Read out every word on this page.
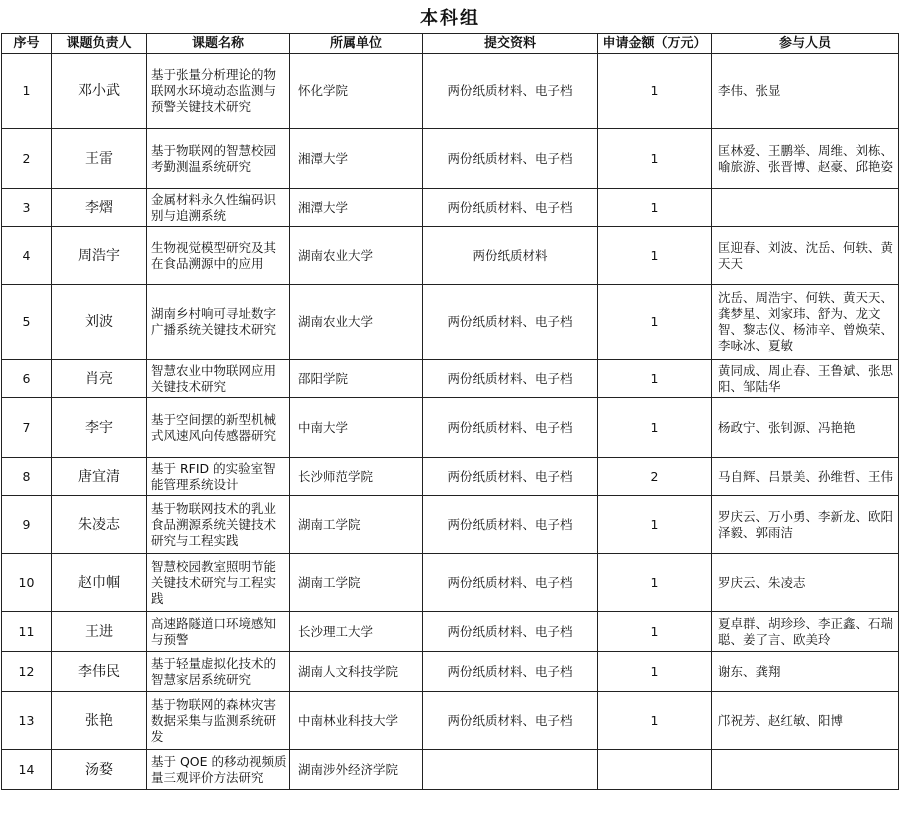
本科组
序号	课题负责人	课题名称	所属单位	提交资料	申请金额（万元）	参与人员
1	邓小武	基于张量分析理论的物联网水环境动态监测与预警关键技术研究	怀化学院	两份纸质材料、电子档	1	李伟、张显
2	王雷	基于物联网的智慧校园考勤测温系统研究	湘潭大学	两份纸质材料、电子档	1	匡林爱、王鹏举、周维、刘栋、喻旅游、张晋博、赵豪、邱艳姿
3	李熠	金属材料永久性编码识别与追溯系统	湘潭大学	两份纸质材料、电子档	1	
4	周浩宇	生物视觉模型研究及其在食品溯源中的应用	湖南农业大学	两份纸质材料	1	匡迎春、刘波、沈岳、何轶、黄天天
5	刘波	湖南乡村响可寻址数字广播系统关键技术研究	湖南农业大学	两份纸质材料、电子档	1	沈岳、周浩宇、何轶、黄天天、龚梦星、刘家玮、舒为、龙文智、黎志仪、杨沛辛、曾焕荣、李咏冰、夏敏
6	肖亮	智慧农业中物联网应用关键技术研究	邵阳学院	两份纸质材料、电子档	1	黄同成、周止春、王鲁斌、张思阳、邹陆华
7	李宇	基于空间摆的新型机械式风速风向传感器研究	中南大学	两份纸质材料、电子档	1	杨政宁、张钊源、冯艳艳
8	唐宜清	基于 RFID 的实验室智能管理系统设计	长沙师范学院	两份纸质材料、电子档	2	马自辉、吕景美、孙维哲、王伟
9	朱凌志	基于物联网技术的乳业食品溯源系统关键技术研究与工程实践	湖南工学院	两份纸质材料、电子档	1	罗庆云、万小勇、李新龙、欧阳泽毅、郭雨洁
10	赵巾帼	智慧校园教室照明节能关键技术研究与工程实践	湖南工学院	两份纸质材料、电子档	1	罗庆云、朱凌志
11	王进	高速路隧道口环境感知与预警	长沙理工大学	两份纸质材料、电子档	1	夏卓群、胡珍珍、李正鑫、石瑞聪、姜了言、欧美玲
12	李伟民	基于轻量虚拟化技术的智慧家居系统研究	湖南人文科技学院	两份纸质材料、电子档	1	谢东、龚翔
13	张艳	基于物联网的森林灾害数据采集与监测系统研发	中南林业科技大学	两份纸质材料、电子档	1	邝祝芳、赵红敏、阳博
14	汤婺	基于 QOE 的移动视频质量三观评价方法研究	湖南涉外经济学院			
